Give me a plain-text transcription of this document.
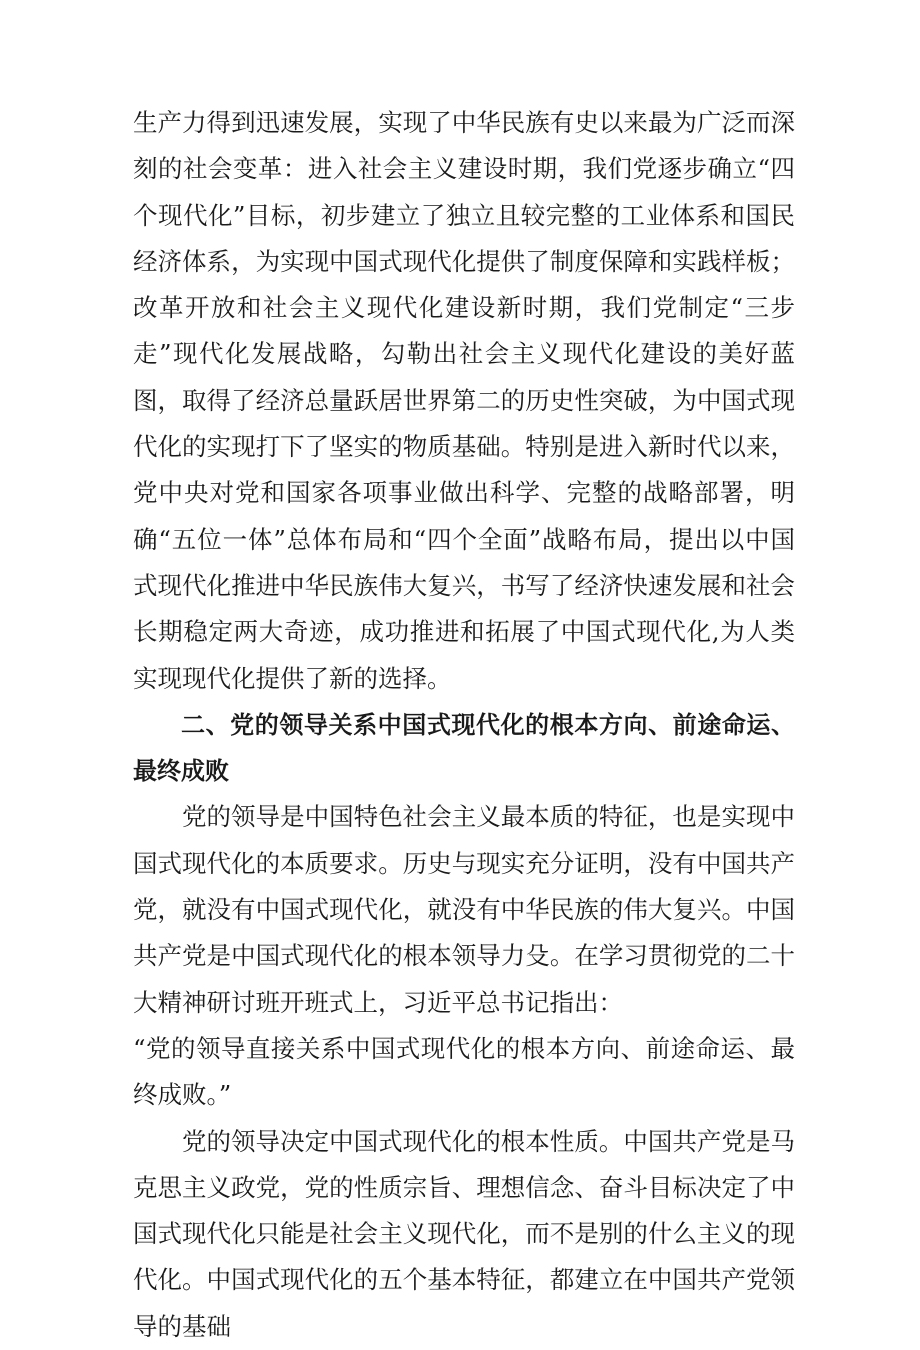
生产力得到迅速发展，实现了中华民族有史以来最为广泛而深刻的社会变革：进入社会主义建设时期，我们党逐步确立“四个现代化”目标，初步建立了独立且较完整的工业体系和国民经济体系，为实现中国式现代化提供了制度保障和实践样板；改革开放和社会主义现代化建设新时期，我们党制定“三步走”现代化发展战略，勾勒出社会主义现代化建设的美好蓝图，取得了经济总量跃居世界第二的历史性突破，为中国式现代化的实现打下了坚实的物质基础。特别是进入新时代以来，党中央对党和国家各项事业做出科学、完整的战略部署，明确“五位一体”总体布局和“四个全面”战略布局，提出以中国式现代化推进中华民族伟大复兴，书写了经济快速发展和社会长期稳定两大奇迹，成功推进和拓展了中国式现代化,为人类实现现代化提供了新的选择。

二、党的领导关系中国式现代化的根本方向、前途命运、最终成败

党的领导是中国特色社会主义最本质的特征，也是实现中国式现代化的本质要求。历史与现实充分证明，没有中国共产党，就没有中国式现代化，就没有中华民族的伟大复兴。中国共产党是中国式现代化的根本领导力殳。在学习贯彻党的二十大精神研讨班开班式上，习近平总书记指出：

“党的领导直接关系中国式现代化的根本方向、前途命运、最终成败。”

党的领导决定中国式现代化的根本性质。中国共产党是马克思主义政党，党的性质宗旨、理想信念、奋斗目标决定了中国式现代化只能是社会主义现代化，而不是别的什么主义的现代化。中国式现代化的五个基本特征，都建立在中国共产党领导的基础
